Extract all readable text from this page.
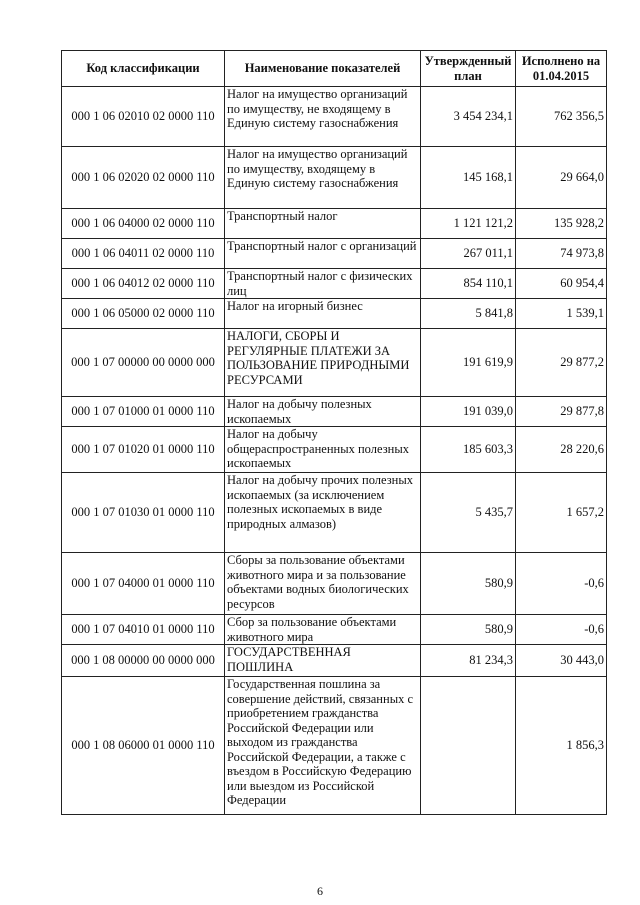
Код классификации	Наименование показателей	Утвержденный план	Исполнено на 01.04.2015
000 1 06 02010 02 0000 110	Налог на имущество организаций по имуществу, не входящему в Единую систему газоснабжения	3 454 234,1	762 356,5
000 1 06 02020 02 0000 110	Налог на имущество организаций по имуществу, входящему в Единую систему газоснабжения	145 168,1	29 664,0
000 1 06 04000 02 0000 110	Транспортный налог	1 121 121,2	135 928,2
000 1 06 04011 02 0000 110	Транспортный налог с организаций	267 011,1	74 973,8
000 1 06 04012 02 0000 110	Транспортный налог с физических лиц	854 110,1	60 954,4
000 1 06 05000 02 0000 110	Налог на игорный бизнес	5 841,8	1 539,1
000 1 07 00000 00 0000 000	НАЛОГИ, СБОРЫ И РЕГУЛЯРНЫЕ ПЛАТЕЖИ ЗА ПОЛЬЗОВАНИЕ ПРИРОДНЫМИ РЕСУРСАМИ	191 619,9	29 877,2
000 1 07 01000 01 0000 110	Налог на добычу полезных ископаемых	191 039,0	29 877,8
000 1 07 01020 01 0000 110	Налог на добычу общераспространенных полезных ископаемых	185 603,3	28 220,6
000 1 07 01030 01 0000 110	Налог на добычу прочих полезных ископаемых (за исключением полезных ископаемых в виде природных алмазов)	5 435,7	1 657,2
000 1 07 04000 01 0000 110	Сборы за пользование объектами животного мира и за пользование объектами водных биологических ресурсов	580,9	-0,6
000 1 07 04010 01 0000 110	Сбор за пользование объектами животного мира	580,9	-0,6
000 1 08 00000 00 0000 000	ГОСУДАРСТВЕННАЯ ПОШЛИНА	81 234,3	30 443,0
000 1 08 06000 01 0000 110	Государственная пошлина за совершение действий, связанных с приобретением гражданства Российской Федерации или выходом из гражданства Российской Федерации, а также с въездом в Российскую Федерацию или выездом из Российской Федерации		1 856,3
6
